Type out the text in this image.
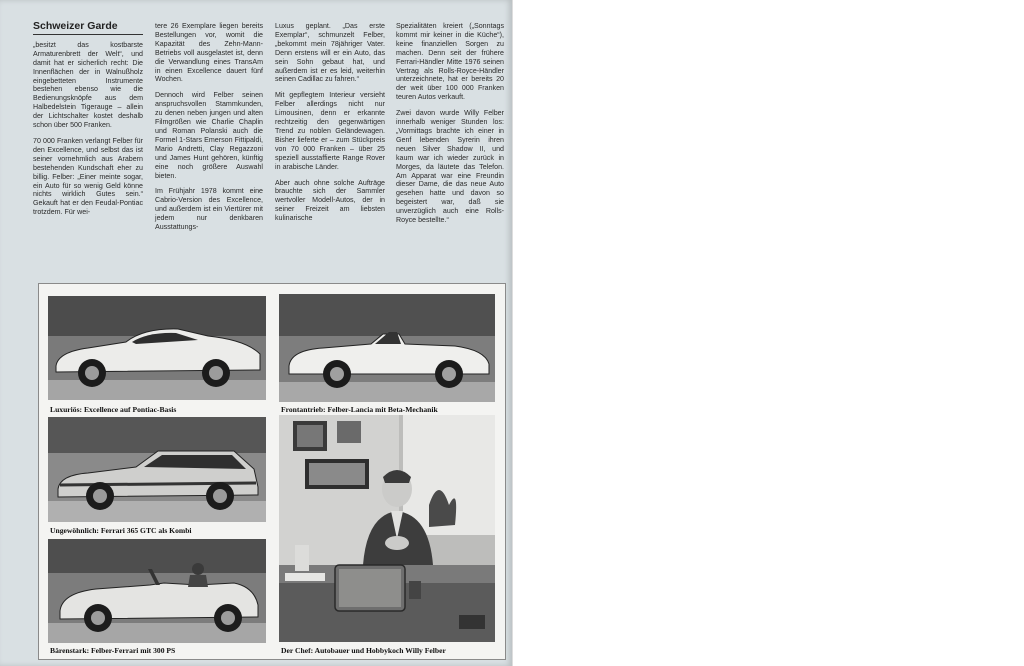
Schweizer Garde

„besitzt das kostbarste Armaturenbrett der Welt“, und damit hat er sicherlich recht: Die Innenflächen der in Walnußholz eingebetteten Instrumente bestehen ebenso wie die Bedienungsknöpfe aus dem Halbedelstein Tigerauge – allein der Lichtschalter kostet deshalb schon über 500 Franken.

70 000 Franken verlangt Felber für den Excellence, und selbst das ist seiner vornehmlich aus Arabern bestehenden Kundschaft eher zu billig. Felber: „Einer meinte sogar, ein Auto für so wenig Geld könne nichts wirklich Gutes sein.“ Gekauft hat er den Feudal-Pontiac trotzdem. Für wei-

tere 26 Exemplare liegen bereits Bestellungen vor, womit die Kapazität des Zehn-Mann-Betriebs voll ausgelastet ist, denn die Verwandlung eines TransAm in einen Excellence dauert fünf Wochen.

Dennoch wird Felber seinen anspruchsvollen Stammkunden, zu denen neben jungen und alten Filmgrößen wie Charlie Chaplin und Roman Polanski auch die Formel 1-Stars Emerson Fittipaldi, Mario Andretti, Clay Regazzoni und James Hunt gehören, künftig eine noch größere Auswahl bieten.

Im Frühjahr 1978 kommt eine Cabrio-Version des Excellence, und außerdem ist ein Viertürer mit jedem nur denkbaren Ausstattungs-

Luxus geplant. „Das erste Exemplar“, schmunzelt Felber, „bekommt mein 78jähriger Vater. Denn erstens will er ein Auto, das sein Sohn gebaut hat, und außerdem ist er es leid, weiterhin seinen Cadillac zu fahren.“

Mit gepflegtem Interieur versieht Felber allerdings nicht nur Limousinen, denn er erkannte rechtzeitig den gegenwärtigen Trend zu noblen Geländewagen. Bisher lieferte er – zum Stückpreis von 70 000 Franken – über 25 speziell ausstaffierte Range Rover in arabische Länder.

Aber auch ohne solche Aufträge brauchte sich der Sammler wertvoller Modell-Autos, der in seiner Freizeit am liebsten kulinarische

Spezialitäten kreiert („Sonntags kommt mir keiner in die Küche“), keine finanziellen Sorgen zu machen. Denn seit der frühere Ferrari-Händler Mitte 1976 seinen Vertrag als Rolls-Royce-Händler unterzeichnete, hat er bereits 20 der weit über 100 000 Franken teuren Autos verkauft.

Zwei davon wurde Willy Felber innerhalb weniger Stunden los: „Vormittags brachte ich einer in Genf lebenden Syrerin ihren neuen Silver Shadow II, und kaum war ich wieder zurück in Morges, da läutete das Telefon. Am Apparat war eine Freundin dieser Dame, die das neue Auto gesehen hatte und davon so begeistert war, daß sie unverzüglich auch eine Rolls-Royce bestellte.“

Luxuriös: Excellence auf Pontiac-Basis	Frontantrieb: Felber-Lancia mit Beta-Mechanik
Ungewöhnlich: Ferrari 365 GTC als Kombi
Bärenstark: Felber-Ferrari mit 300 PS	Der Chef: Autobauer und Hobbykoch Willy Felber
